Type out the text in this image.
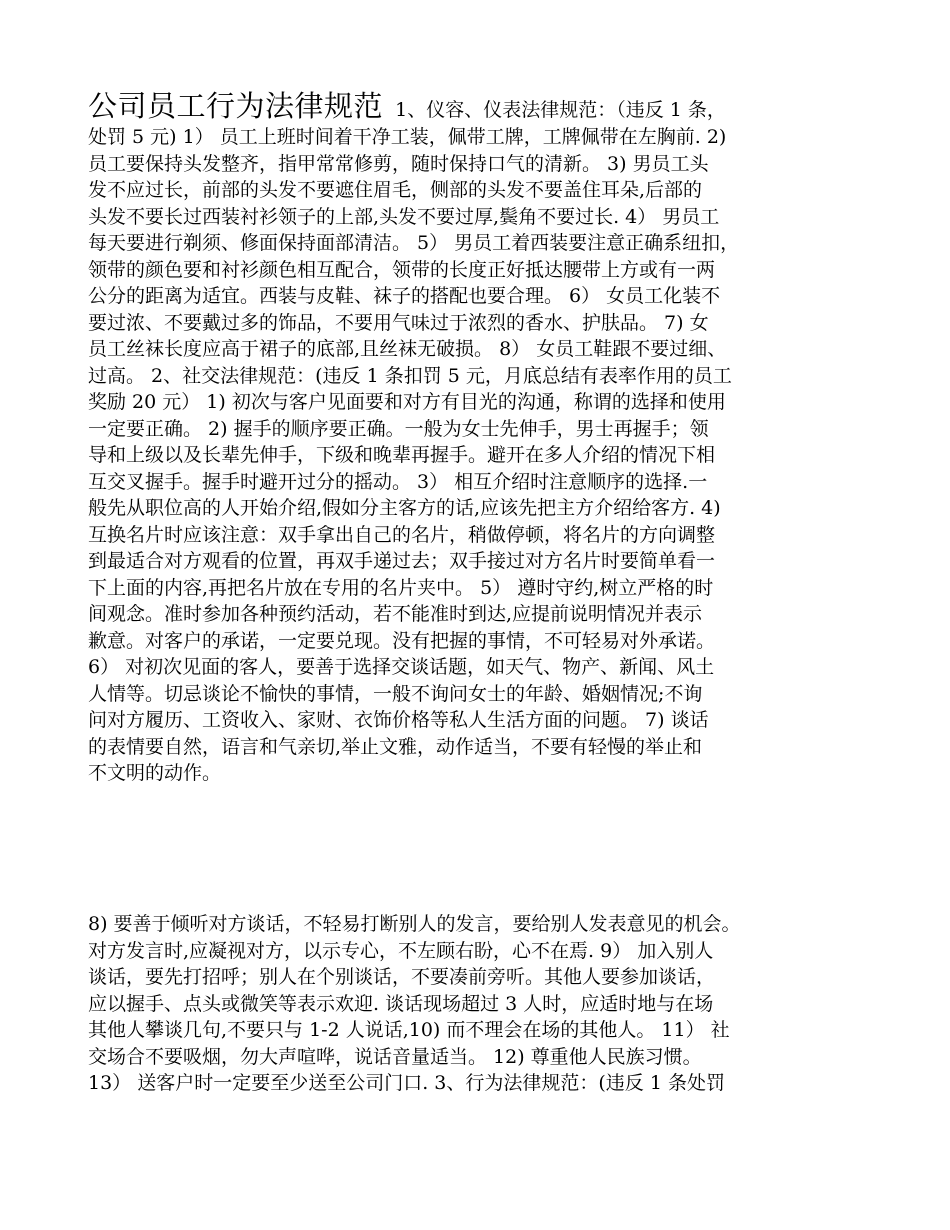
公司员工行为法律规范 1、仪容、仪表法律规范：（违反 1 条，
处罚 5 元) 1） 员工上班时间着干净工装，佩带工牌，工牌佩带在左胸前. 2)
员工要保持头发整齐，指甲常常修剪，随时保持口气的清新。 3) 男员工头
发不应过长，前部的头发不要遮住眉毛，侧部的头发不要盖住耳朵,后部的
头发不要长过西装衬衫领子的上部,头发不要过厚,鬓角不要过长. 4） 男员工
每天要进行剃须、修面保持面部清洁。 5） 男员工着西装要注意正确系纽扣，
领带的颜色要和衬衫颜色相互配合，领带的长度正好抵达腰带上方或有一两
公分的距离为适宜。西装与皮鞋、袜子的搭配也要合理。 6） 女员工化装不
要过浓、不要戴过多的饰品，不要用气味过于浓烈的香水、护肤品。 7) 女
员工丝袜长度应高于裙子的底部,且丝袜无破损。 8） 女员工鞋跟不要过细、
过高。 2、社交法律规范：(违反 1 条扣罚 5 元，月底总结有表率作用的员工
奖励 20 元） 1) 初次与客户见面要和对方有目光的沟通，称谓的选择和使用
一定要正确。 2) 握手的顺序要正确。一般为女士先伸手，男士再握手；领
导和上级以及长辈先伸手，下级和晚辈再握手。避开在多人介绍的情况下相
互交叉握手。握手时避开过分的摇动。 3） 相互介绍时注意顺序的选择.一
般先从职位高的人开始介绍,假如分主客方的话,应该先把主方介绍给客方. 4)
互换名片时应该注意：双手拿出自己的名片，稍做停顿，将名片的方向调整
到最适合对方观看的位置，再双手递过去；双手接过对方名片时要简单看一
下上面的内容,再把名片放在专用的名片夹中。 5） 遵时守约,树立严格的时
间观念。准时参加各种预约活动，若不能准时到达,应提前说明情况并表示
歉意。对客户的承诺，一定要兑现。没有把握的事情，不可轻易对外承诺。
6） 对初次见面的客人，要善于选择交谈话题，如天气、物产、新闻、风土
人情等。切忌谈论不愉快的事情，一般不询问女士的年龄、婚姻情况;不询
问对方履历、工资收入、家财、衣饰价格等私人生活方面的问题。 7) 谈话
的表情要自然，语言和气亲切,举止文雅，动作适当，不要有轻慢的举止和
不文明的动作。
8) 要善于倾听对方谈话，不轻易打断别人的发言，要给别人发表意见的机会。
对方发言时,应凝视对方，以示专心，不左顾右盼，心不在焉. 9） 加入别人
谈话，要先打招呼；别人在个别谈话，不要凑前旁听。其他人要参加谈话，
应以握手、点头或微笑等表示欢迎. 谈话现场超过 3 人时，应适时地与在场
其他人攀谈几句,不要只与 1-2 人说话,10) 而不理会在场的其他人。 11） 社
交场合不要吸烟，勿大声喧哗，说话音量适当。 12) 尊重他人民族习惯。
13） 送客户时一定要至少送至公司门口. 3、行为法律规范：(违反 1 条处罚
